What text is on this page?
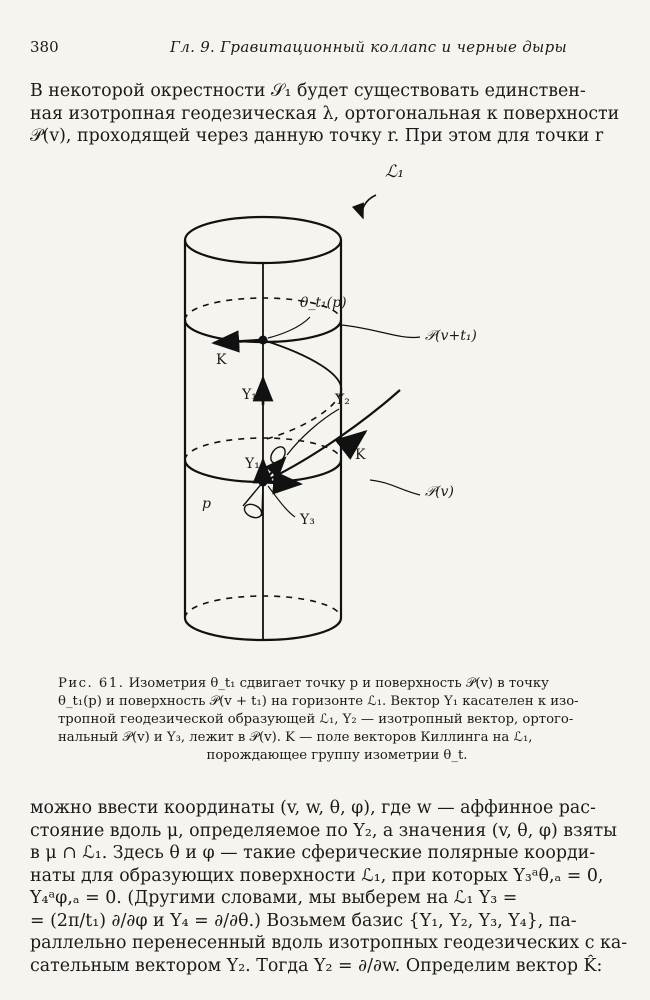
380	Гл. 9. Гравитационный коллапс и черные дыры
В некоторой окрестности 𝒮₁ будет существовать единствен-
ная изотропная геодезическая λ, ортогональная к поверхности
𝒫(v), проходящей через данную точку r. При этом для точки r
ℒ₁
θ_t₁(p)
𝒫(v+t₁)
K
Y₁	Y₂
K
Y₁
𝒫(v)
p
Y₃
Рис. 61. Изометрия θ_t₁ сдвигает точку p и поверхность 𝒫(v) в точку
θ_t₁(p) и поверхность 𝒫(v + t₁) на горизонте ℒ₁. Вектор Y₁ касателен к изо-
тропной геодезической образующей ℒ₁, Y₂ — изотропный вектор, ортого-
нальный 𝒫(v) и Y₃, лежит в 𝒫(v). K — поле векторов Киллинга на ℒ₁,
порождающее группу изометрии θ_t.
можно ввести координаты (v, w, θ, φ), где w — аффинное рас-
стояние вдоль μ, определяемое по Y₂, а значения (v, θ, φ) взяты
в μ ∩ ℒ₁. Здесь θ и φ — такие сферические полярные коорди-
наты для образующих поверхности ℒ₁, при которых Y₃ᵃθ,ₐ = 0,
Y₄ᵃφ,ₐ = 0. (Другими словами, мы выберем на ℒ₁ Y₃ =
= (2π/t₁) ∂/∂φ и Y₄ = ∂/∂θ.) Возьмем базис {Y₁, Y₂, Y₃, Y₄}, па-
раллельно перенесенный вдоль изотропных геодезических с ка-
сательным вектором Y₂. Тогда Y₂ = ∂/∂w. Определим вектор K̂:
